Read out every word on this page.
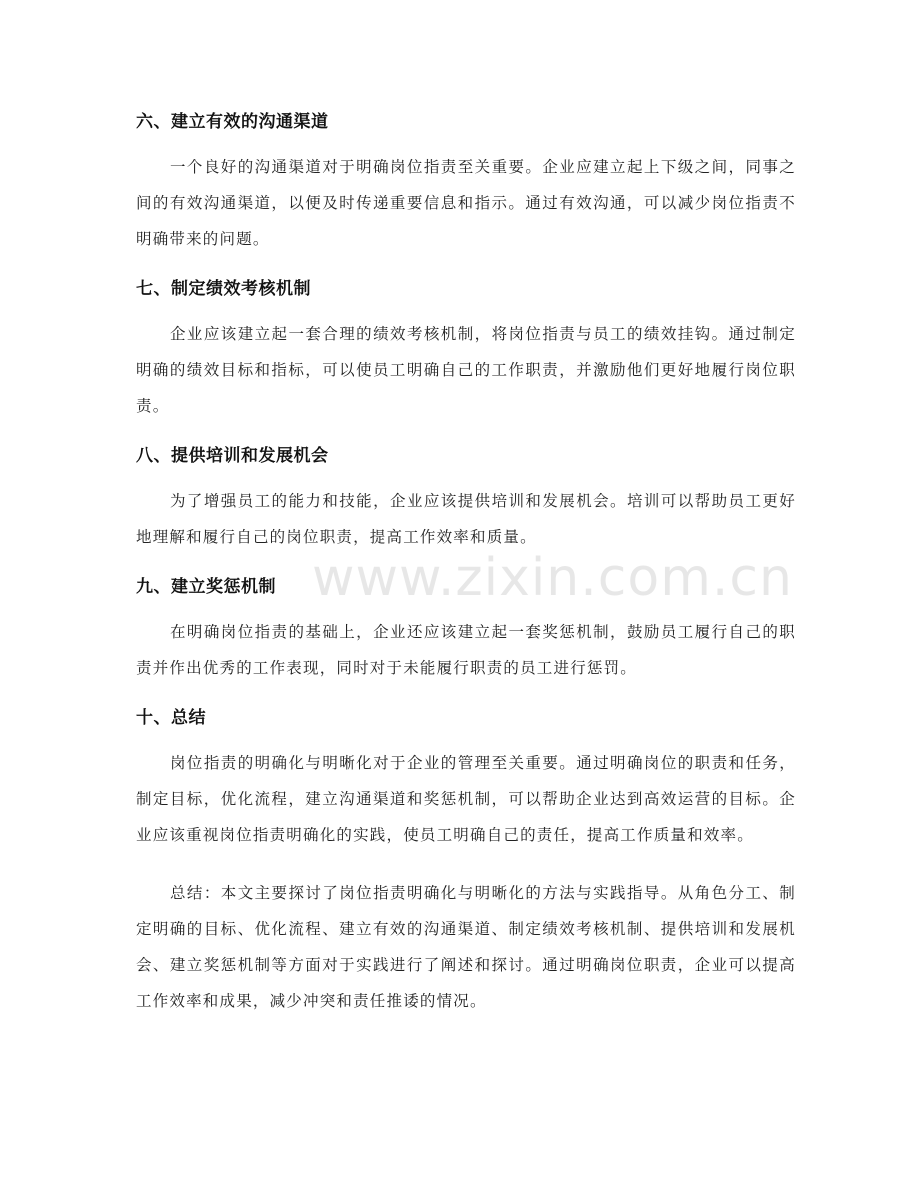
六、建立有效的沟通渠道

一个良好的沟通渠道对于明确岗位指责至关重要。企业应建立起上下级之间，同事之间的有效沟通渠道，以便及时传递重要信息和指示。通过有效沟通，可以减少岗位指责不明确带来的问题。

七、制定绩效考核机制

企业应该建立起一套合理的绩效考核机制，将岗位指责与员工的绩效挂钩。通过制定明确的绩效目标和指标，可以使员工明确自己的工作职责，并激励他们更好地履行岗位职责。

八、提供培训和发展机会

为了增强员工的能力和技能，企业应该提供培训和发展机会。培训可以帮助员工更好地理解和履行自己的岗位职责，提高工作效率和质量。

九、建立奖惩机制

在明确岗位指责的基础上，企业还应该建立起一套奖惩机制，鼓励员工履行自己的职责并作出优秀的工作表现，同时对于未能履行职责的员工进行惩罚。

十、总结

岗位指责的明确化与明晰化对于企业的管理至关重要。通过明确岗位的职责和任务，制定目标，优化流程，建立沟通渠道和奖惩机制，可以帮助企业达到高效运营的目标。企业应该重视岗位指责明确化的实践，使员工明确自己的责任，提高工作质量和效率。

总结：本文主要探讨了岗位指责明确化与明晰化的方法与实践指导。从角色分工、制定明确的目标、优化流程、建立有效的沟通渠道、制定绩效考核机制、提供培训和发展机会、建立奖惩机制等方面对于实践进行了阐述和探讨。通过明确岗位职责，企业可以提高工作效率和成果，减少冲突和责任推诿的情况。

www.zixin.com.cn
